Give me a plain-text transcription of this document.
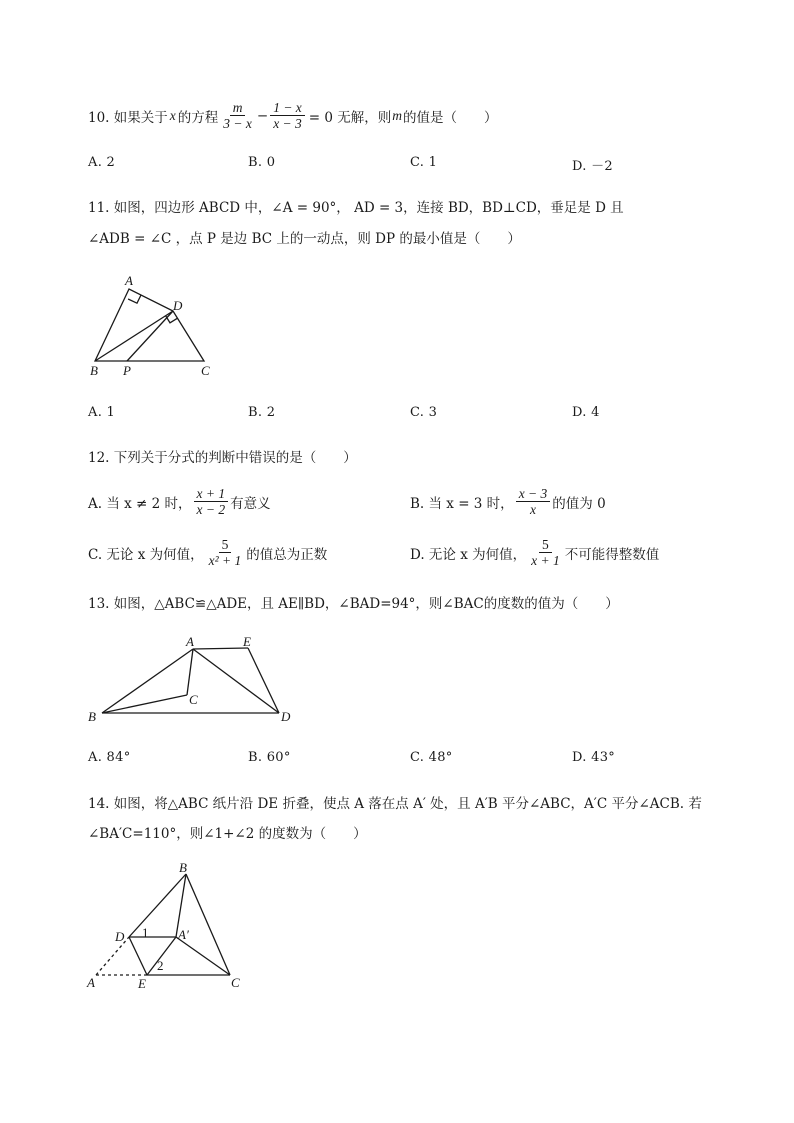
10. 如果关于 x 的方程 $\frac{m}{3 - x} - \frac{1 - x}{x - 3} = 0$ 无解，则 m 的值是（　　）
A. 2	B. 0	C. 1	D. －2
11. 如图，四边形 ABCD 中，∠A = 90°， AD = 3，连接 BD，BD⊥CD，垂足是 D 且
∠ADB = ∠C ，点 P 是边 BC 上的一动点，则 DP 的最小值是（　　）
A
D
B P	C
A. 1	B. 2	C. 3	D. 4
12. 下列关于分式的判断中错误的是（　　）
A. 当 x ≠ 2 时， $\frac{x + 1}{x - 2}$ 有意义	B. 当 x = 3 时， $\frac{x - 3}{x}$ 的值为 0
C. 无论 x 为何值， $\frac{5}{\text{x² + 1}}$ 的值总为正数	D. 无论 x 为何值， $\frac{5}{x + 1}$ 不可能得整数值
13. 如图，△ABC≌△ADE，且 AE∥BD，∠BAD=94°，则∠BAC的度数的值为（　　）
A	E
C
B	D
A. 84°	B. 60°	C. 48°	D. 43°
14. 如图，将△ABC 纸片沿 DE 折叠，使点 A 落在点 A′ 处，且 A′B 平分∠ABC，A′C 平分∠ACB. 若
∠BA′C=110°，则∠1+∠2 的度数为（　　）
B
D 1 A′
2
A	E	C
